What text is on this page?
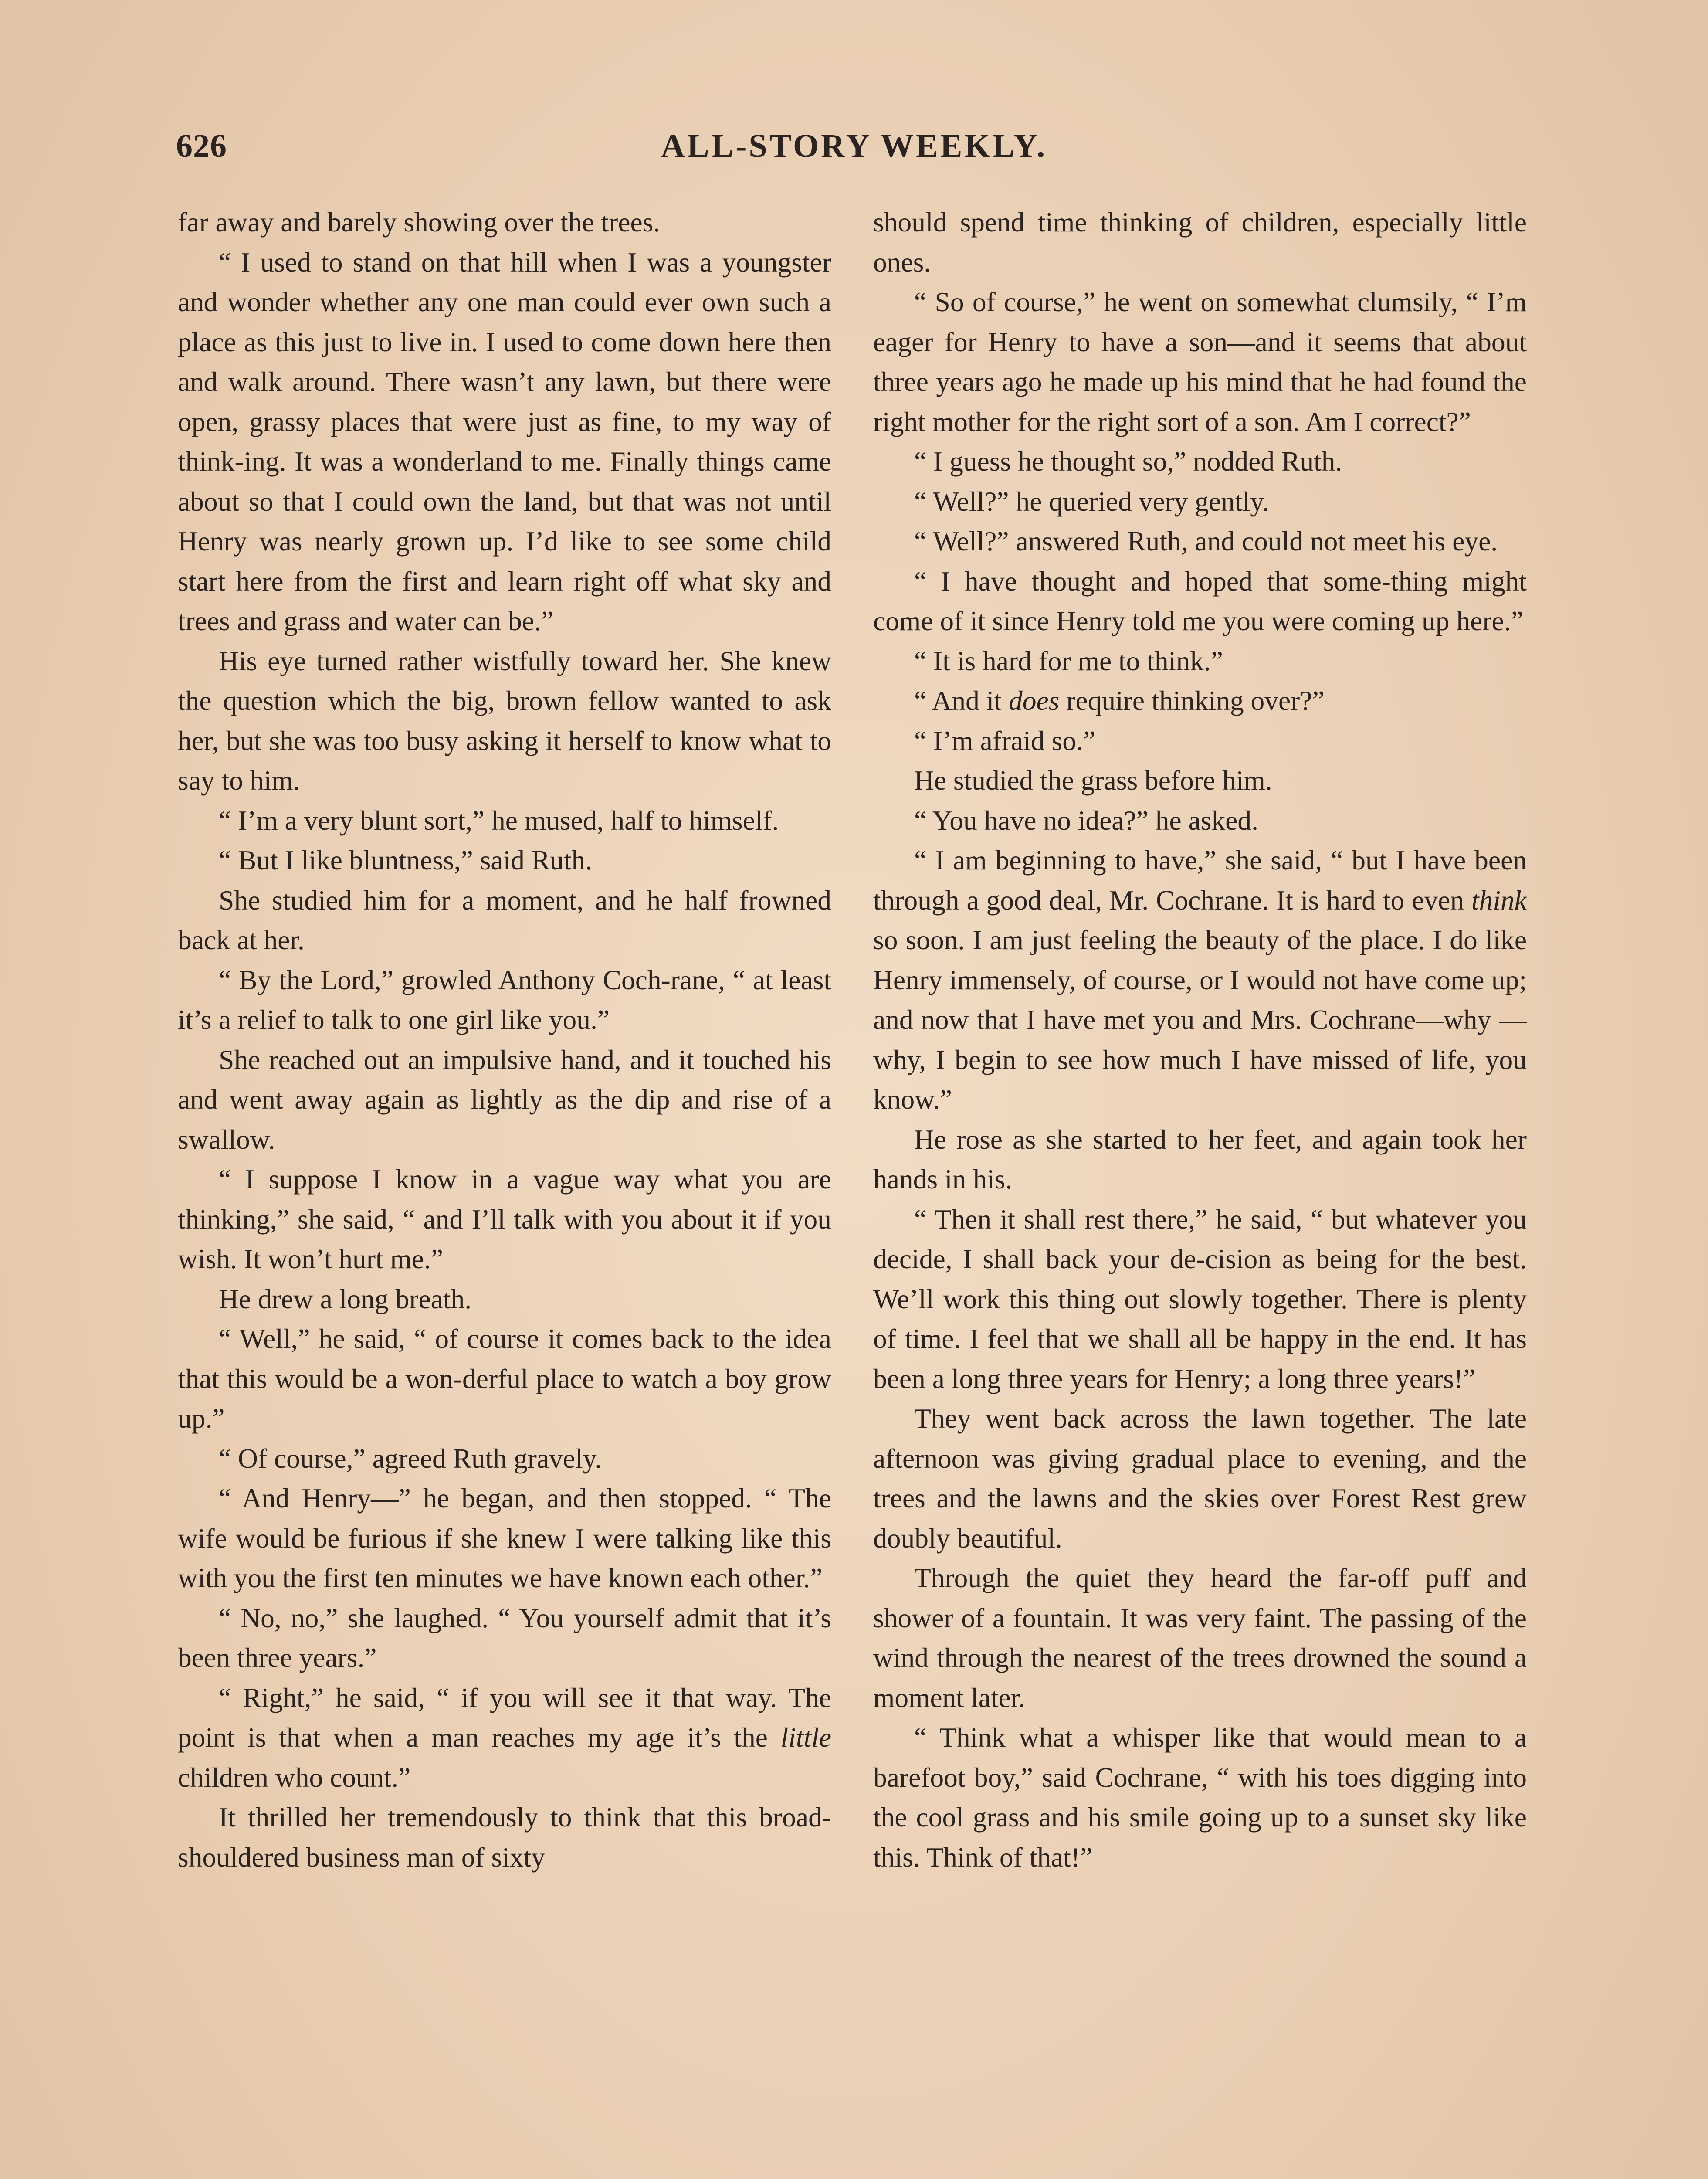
626	ALL-STORY WEEKLY.

far away and barely showing over the trees.

“ I used to stand on that hill when I was a youngster and wonder whether any one man could ever own such a place as this just to live in. I used to come down here then and walk around. There wasn’t any lawn, but there were open, grassy places that were just as fine, to my way of think-ing. It was a wonderland to me. Finally things came about so that I could own the land, but that was not until Henry was nearly grown up. I’d like to see some child start here from the first and learn right off what sky and trees and grass and water can be.”

His eye turned rather wistfully toward her. She knew the question which the big, brown fellow wanted to ask her, but she was too busy asking it herself to know what to say to him.

“ I’m a very blunt sort,” he mused, half to himself.

“ But I like bluntness,” said Ruth.

She studied him for a moment, and he half frowned back at her.

“ By the Lord,” growled Anthony Coch-rane, “ at least it’s a relief to talk to one girl like you.”

She reached out an impulsive hand, and it touched his and went away again as lightly as the dip and rise of a swallow.

“ I suppose I know in a vague way what you are thinking,” she said, “ and I’ll talk with you about it if you wish. It won’t hurt me.”

He drew a long breath.

“ Well,” he said, “ of course it comes back to the idea that this would be a won-derful place to watch a boy grow up.”

“ Of course,” agreed Ruth gravely.

“ And Henry—” he began, and then stopped. “ The wife would be furious if she knew I were talking like this with you the first ten minutes we have known each other.”

“ No, no,” she laughed. “ You yourself admit that it’s been three years.”

“ Right,” he said, “ if you will see it that way. The point is that when a man reaches my age it’s the little children who count.”

It thrilled her tremendously to think that this broad-shouldered business man of sixty

should spend time thinking of children, especially little ones.

“ So of course,” he went on somewhat clumsily, “ I’m eager for Henry to have a son—and it seems that about three years ago he made up his mind that he had found the right mother for the right sort of a son. Am I correct?”

“ I guess he thought so,” nodded Ruth.

“ Well?” he queried very gently.

“ Well?” answered Ruth, and could not meet his eye.

“ I have thought and hoped that some-thing might come of it since Henry told me you were coming up here.”

“ It is hard for me to think.”

“ And it does require thinking over?”

“ I’m afraid so.”

He studied the grass before him.

“ You have no idea?” he asked.

“ I am beginning to have,” she said, “ but I have been through a good deal, Mr. Cochrane. It is hard to even think so soon. I am just feeling the beauty of the place. I do like Henry immensely, of course, or I would not have come up; and now that I have met you and Mrs. Cochrane—why —why, I begin to see how much I have missed of life, you know.”

He rose as she started to her feet, and again took her hands in his.

“ Then it shall rest there,” he said, “ but whatever you decide, I shall back your de-cision as being for the best. We’ll work this thing out slowly together. There is plenty of time. I feel that we shall all be happy in the end. It has been a long three years for Henry; a long three years!”

They went back across the lawn together. The late afternoon was giving gradual place to evening, and the trees and the lawns and the skies over Forest Rest grew doubly beautiful.

Through the quiet they heard the far-off puff and shower of a fountain. It was very faint. The passing of the wind through the nearest of the trees drowned the sound a moment later.

“ Think what a whisper like that would mean to a barefoot boy,” said Cochrane, “ with his toes digging into the cool grass and his smile going up to a sunset sky like this. Think of that!”
